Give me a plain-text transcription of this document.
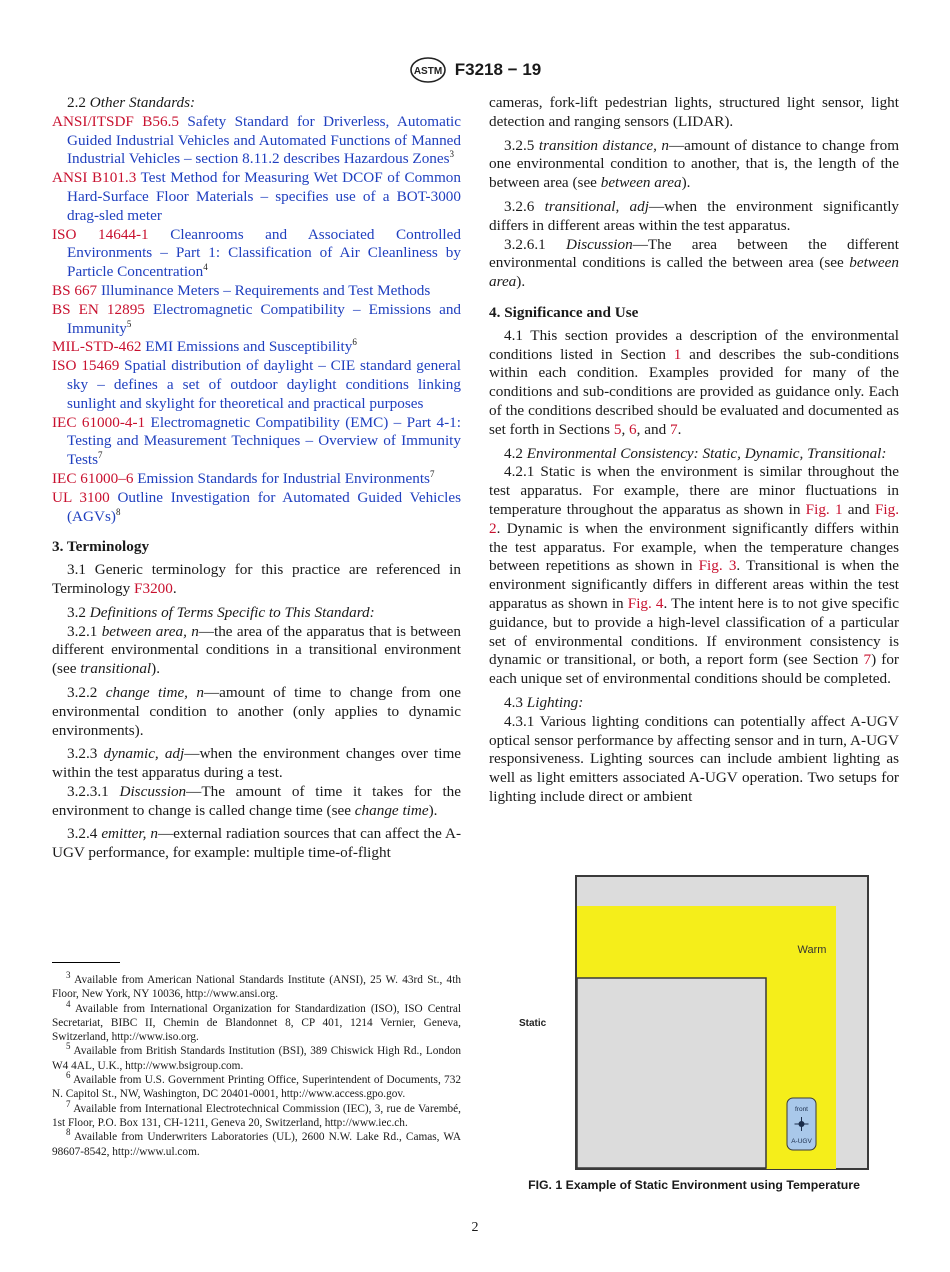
ASTM F3218 − 19

2.2 Other Standards:

ANSI/ITSDF B56.5 Safety Standard for Driverless, Automatic Guided Industrial Vehicles and Automated Functions of Manned Industrial Vehicles – section 8.11.2 describes Hazardous Zones$^3$

ANSI B101.3 Test Method for Measuring Wet DCOF of Common Hard-Surface Floor Materials – specifies use of a BOT-3000 drag-sled meter

ISO 14644-1 Cleanrooms and Associated Controlled Environments – Part 1: Classification of Air Cleanliness by Particle Concentration$^4$

BS 667 Illuminance Meters – Requirements and Test Methods

BS EN 12895 Electromagnetic Compatibility – Emissions and Immunity$^5$

MIL-STD-462 EMI Emissions and Susceptibility$^6$

ISO 15469 Spatial distribution of daylight – CIE standard general sky – defines a set of outdoor daylight conditions linking sunlight and skylight for theoretical and practical purposes

IEC 61000-4-1 Electromagnetic Compatibility (EMC) – Part 4-1: Testing and Measurement Techniques – Overview of Immunity Tests$^7$

IEC 61000–6 Emission Standards for Industrial Environments$^7$

UL 3100 Outline Investigation for Automated Guided Vehicles (AGVs)$^8$

3. Terminology

3.1 Generic terminology for this practice are referenced in Terminology F3200.

3.2 Definitions of Terms Specific to This Standard:

3.2.1 between area, n—the area of the apparatus that is between different environmental conditions in a transitional environment (see transitional).

3.2.2 change time, n—amount of time to change from one environmental condition to another (only applies to dynamic environments).

3.2.3 dynamic, adj—when the environment changes over time within the test apparatus during a test.

3.2.3.1 Discussion—The amount of time it takes for the environment to change is called change time (see change time).

3.2.4 emitter, n—external radiation sources that can affect the A-UGV performance, for example: multiple time-of-flight

cameras, fork-lift pedestrian lights, structured light sensor, light detection and ranging sensors (LIDAR).

3.2.5 transition distance, n—amount of distance to change from one environmental condition to another, that is, the length of the between area (see between area).

3.2.6 transitional, adj—when the environment significantly differs in different areas within the test apparatus.

3.2.6.1 Discussion—The area between the different environmental conditions is called the between area (see between area).

4. Significance and Use

4.1 This section provides a description of the environmental conditions listed in Section 1 and describes the sub-conditions within each condition. Examples provided for many of the conditions and sub-conditions are provided as guidance only. Each of the conditions described should be evaluated and documented as set forth in Sections 5, 6, and 7.

4.2 Environmental Consistency: Static, Dynamic, Transitional:

4.2.1 Static is when the environment is similar throughout the test apparatus. For example, there are minor fluctuations in temperature throughout the apparatus as shown in Fig. 1 and Fig. 2. Dynamic is when the environment significantly differs within the test apparatus. For example, when the temperature changes between repetitions as shown in Fig. 3. Transitional is when the environment significantly differs in different areas within the test apparatus as shown in Fig. 4. The intent here is to not give specific guidance, but to provide a high-level classification of a particular set of environmental conditions. If environment consistency is dynamic or transitional, or both, a report form (see Section 7) for each unique set of environmental conditions should be completed.

4.3 Lighting:

4.3.1 Various lighting conditions can potentially affect A-UGV optical sensor performance by affecting sensor and in turn, A-UGV responsiveness. Lighting sources can include ambient lighting as well as light emitters associated A-UGV operation. Two setups for lighting include direct or ambient

$^3$ Available from American National Standards Institute (ANSI), 25 W. 43rd St., 4th Floor, New York, NY 10036, http://www.ansi.org.

$^4$ Available from International Organization for Standardization (ISO), ISO Central Secretariat, BIBC II, Chemin de Blandonnet 8, CP 401, 1214 Vernier, Geneva, Switzerland, http://www.iso.org.

$^5$ Available from British Standards Institution (BSI), 389 Chiswick High Rd., London W4 4AL, U.K., http://www.bsigroup.com.

$^6$ Available from U.S. Government Printing Office, Superintendent of Documents, 732 N. Capitol St., NW, Washington, DC 20401-0001, http://www.access.gpo.gov.

$^7$ Available from International Electrotechnical Commission (IEC), 3, rue de Varembé, 1st Floor, P.O. Box 131, CH-1211, Geneva 20, Switzerland, http://www.iec.ch.

$^8$ Available from Underwriters Laboratories (UL), 2600 N.W. Lake Rd., Camas, WA 98607-8542, http://www.ul.com.

Warm
Static
front
A-UGV
FIG. 1 Example of Static Environment using Temperature
2
